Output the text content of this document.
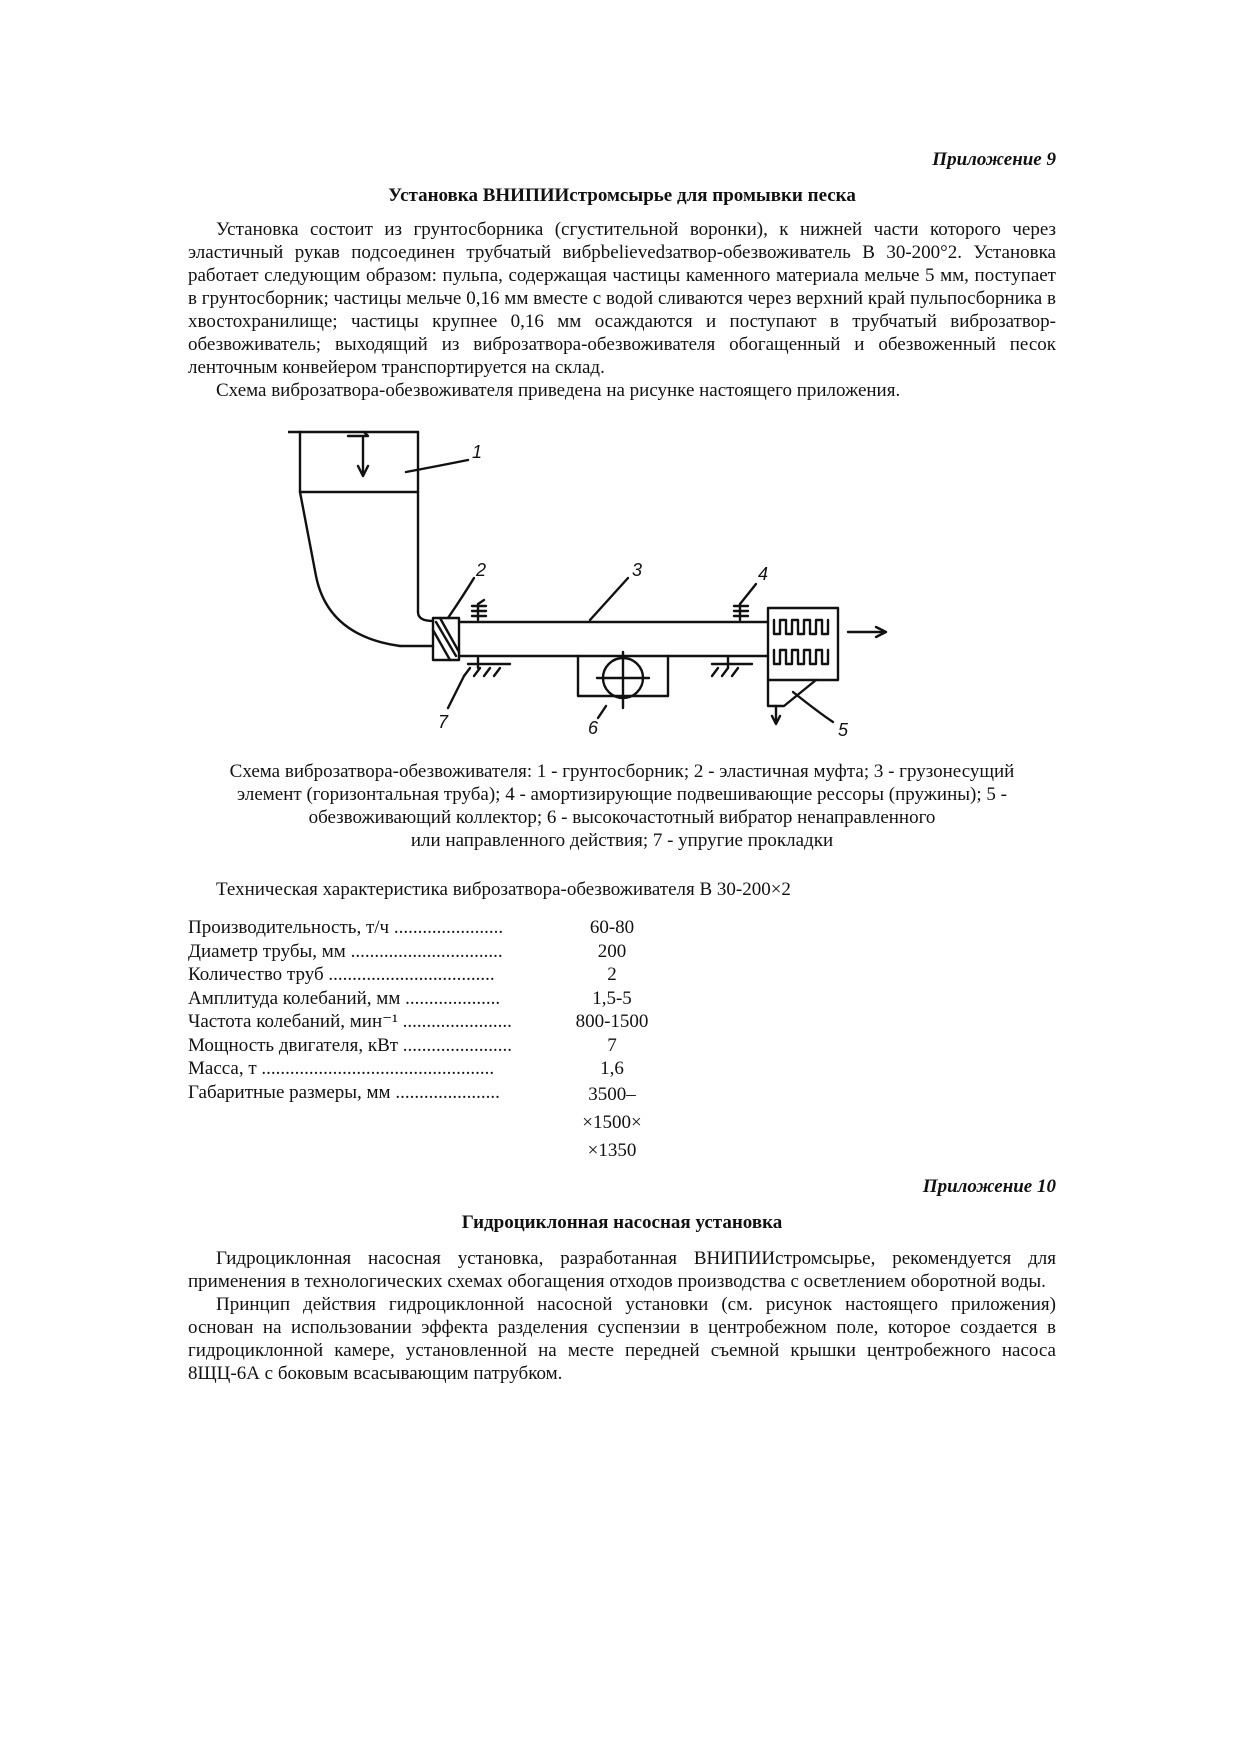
Приложение 9
Установка ВНИПИИстромсырье для промывки песка

Установка состоит из грунтосборника (сгустительной воронки), к нижней части которого через эластичный рукав подсоединен трубчатый вибрbelievedзатвор-обезвоживатель В 30-200°2. Установка работает следующим образом: пульпа, содержащая частицы каменного материала мельче 5 мм, поступает в грунтосборник; частицы мельче 0,16 мм вместе с водой сливаются через верхний край пульпосборника в хвостохранилище; частицы крупнее 0,16 мм осаждаются и поступают в трубчатый виброзатвор-обезвоживатель; выходящий из виброзатвора-обезвоживателя обогащенный и обезвоженный песок ленточным конвейером транспортируется на склад.

Схема виброзатвора-обезвоживателя приведена на рисунке настоящего приложения.

1
2	3	4
5
6
7
Схема виброзатвора-обезвоживателя: 1 - грунтосборник; 2 - эластичная муфта; 3 - грузонесущий
элемент (горизонтальная труба); 4 - амортизирующие подвешивающие рессоры (пружины); 5 -
обезвоживающий коллектор; 6 - высокочастотный вибратор ненаправленного
или направленного действия; 7 - упругие прокладки
Техническая характеристика виброзатвора-обезвоживателя В 30-200×2
Производительность, т/ч .......................	60-80
Диаметр трубы, мм ................................	200
Количество труб ...................................	2
Амплитуда колебаний, мм ....................	1,5-5
Частота колебаний, мин⁻¹ .......................	800-1500
Мощность двигателя, кВт .......................	7
Масса, т .................................................	1,6
Габаритные размеры, мм ......................	3500–
×1500×
×1350
Приложение 10
Гидроциклонная насосная установка

Гидроциклонная насосная установка, разработанная ВНИПИИстромсырье, рекомендуется для применения в технологических схемах обогащения отходов производства с осветлением оборотной воды.

Принцип действия гидроциклонной насосной установки (см. рисунок настоящего приложения) основан на использовании эффекта разделения суспензии в центробежном поле, которое создается в гидроциклонной камере, установленной на месте передней съемной крышки центробежного насоса 8ЩЦ-6А с боковым всасывающим патрубком.
